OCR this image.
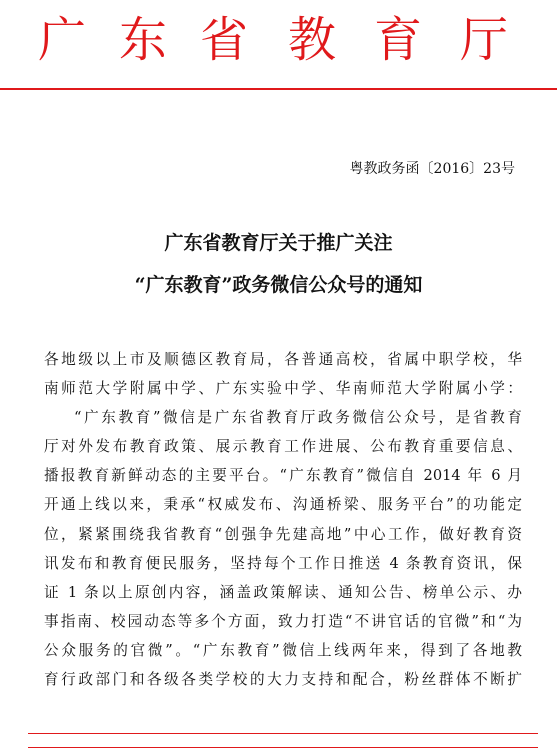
广 东 省 教 育 厅
粤教政务函〔2016〕23号
广东省教育厅关于推广关注
“广东教育”政务微信公众号的通知
各地级以上市及顺德区教育局，各普通高校，省属中职学校，华
南师范大学附属中学、广东实验中学、华南师范大学附属小学：
“广东教育”微信是广东省教育厅政务微信公众号，是省教育
厅对外发布教育政策、展示教育工作进展、公布教育重要信息、
播报教育新鲜动态的主要平台。“广东教育”微信自 2014 年 6 月
开通上线以来，秉承“权威发布、沟通桥梁、服务平台”的功能定
位，紧紧围绕我省教育“创强争先建高地”中心工作，做好教育资
讯发布和教育便民服务，坚持每个工作日推送 4 条教育资讯，保
证 1 条以上原创内容，涵盖政策解读、通知公告、榜单公示、办
事指南、校园动态等多个方面，致力打造“不讲官话的官微”和“为
公众服务的官微”。“广东教育”微信上线两年来，得到了各地教
育行政部门和各级各类学校的大力支持和配合，粉丝群体不断扩
